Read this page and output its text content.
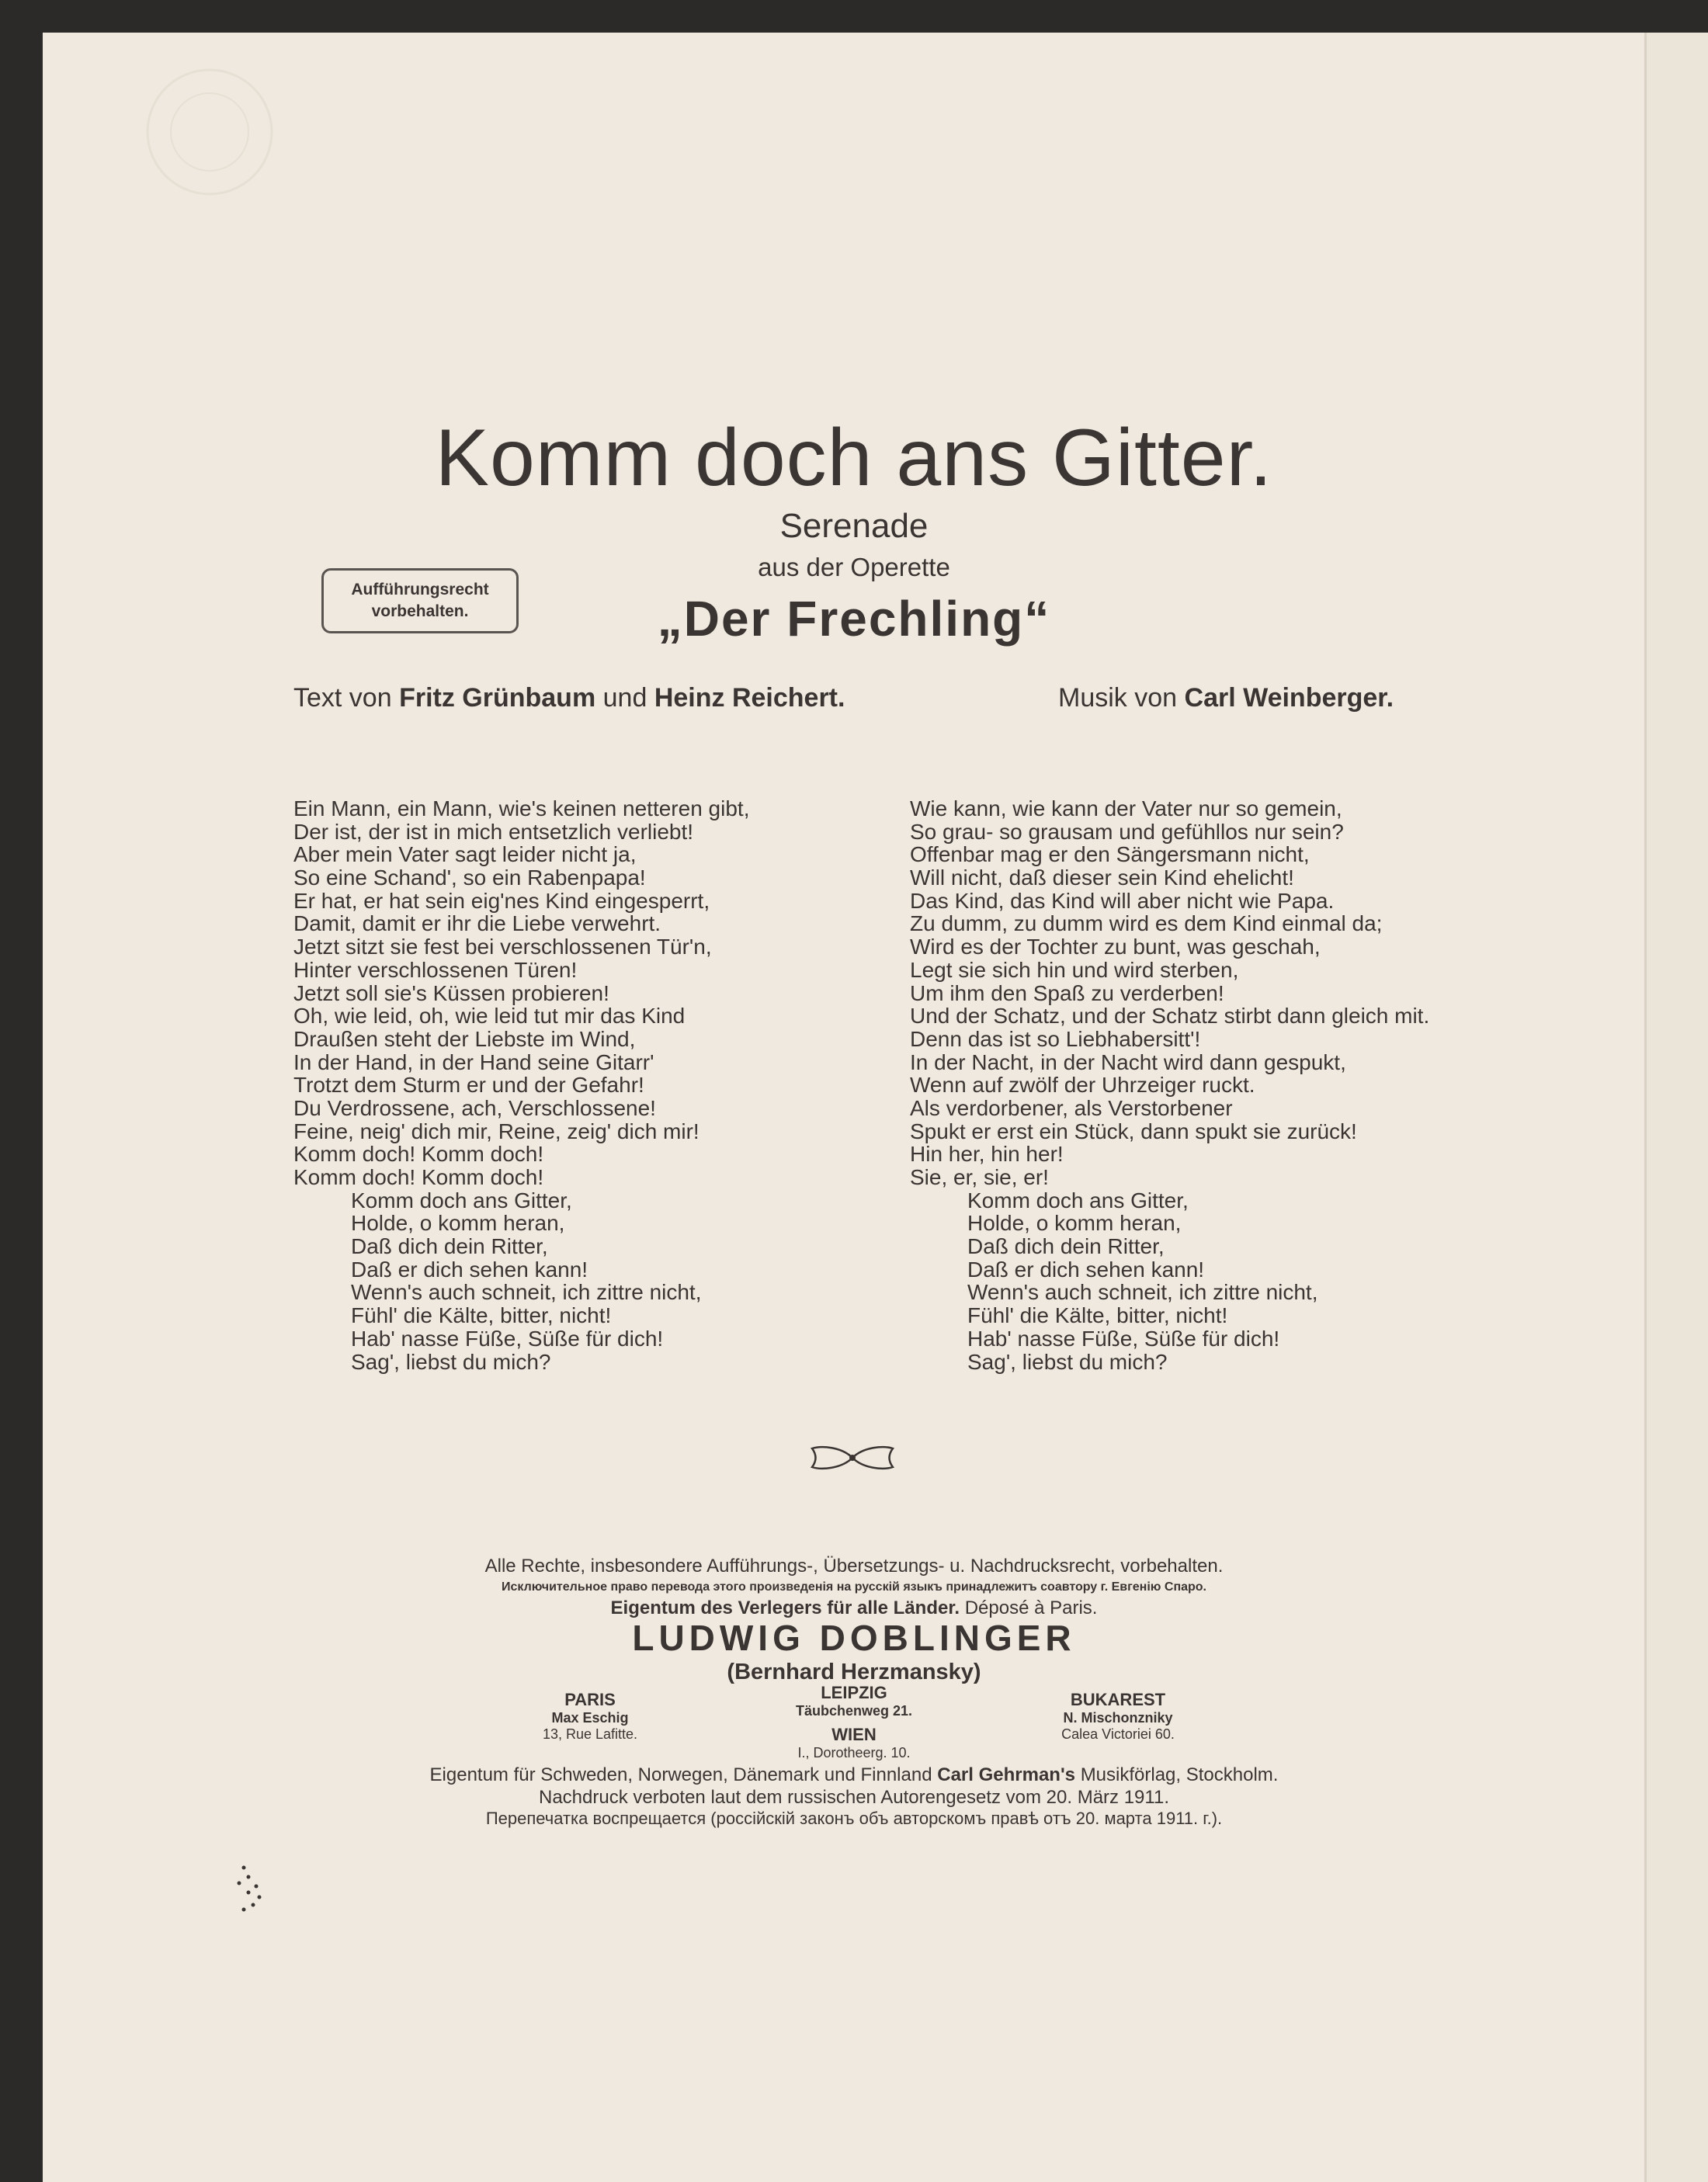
Komm doch ans Gitter.
Serenade
aus der Operette
„Der Frechling“
Aufführungsrecht
vorbehalten.
Text von Fritz Grünbaum und Heinz Reichert.	Musik von Carl Weinberger.
Ein Mann, ein Mann, wie's keinen netteren gibt,
Der ist, der ist in mich entsetzlich verliebt!
Aber mein Vater sagt leider nicht ja,
So eine Schand', so ein Rabenpapa!
Er hat, er hat sein eig'nes Kind eingesperrt,
Damit, damit er ihr die Liebe verwehrt.
Jetzt sitzt sie fest bei verschlossenen Tür'n,
Hinter verschlossenen Türen!
Jetzt soll sie's Küssen probieren!
Oh, wie leid, oh, wie leid tut mir das Kind
Draußen steht der Liebste im Wind,
In der Hand, in der Hand seine Gitarr'
Trotzt dem Sturm er und der Gefahr!
Du Verdrossene, ach, Verschlossene!
Feine, neig' dich mir, Reine, zeig' dich mir!
Komm doch! Komm doch!
Komm doch! Komm doch!
Komm doch ans Gitter,
Holde, o komm heran,
Daß dich dein Ritter,
Daß er dich sehen kann!
Wenn's auch schneit, ich zittre nicht,
Fühl' die Kälte, bitter, nicht!
Hab' nasse Füße, Süße für dich!
Sag', liebst du mich?
Wie kann, wie kann der Vater nur so gemein,
So grau- so grausam und gefühllos nur sein?
Offenbar mag er den Sängersmann nicht,
Will nicht, daß dieser sein Kind ehelicht!
Das Kind, das Kind will aber nicht wie Papa.
Zu dumm, zu dumm wird es dem Kind einmal da;
Wird es der Tochter zu bunt, was geschah,
Legt sie sich hin und wird sterben,
Um ihm den Spaß zu verderben!
Und der Schatz, und der Schatz stirbt dann gleich mit.
Denn das ist so Liebhabersitt'!
In der Nacht, in der Nacht wird dann gespukt,
Wenn auf zwölf der Uhrzeiger ruckt.
Als verdorbener, als Verstorbener
Spukt er erst ein Stück, dann spukt sie zurück!
Hin her, hin her!
Sie, er, sie, er!
Komm doch ans Gitter,
Holde, o komm heran,
Daß dich dein Ritter,
Daß er dich sehen kann!
Wenn's auch schneit, ich zittre nicht,
Fühl' die Kälte, bitter, nicht!
Hab' nasse Füße, Süße für dich!
Sag', liebst du mich?
Alle Rechte, insbesondere Aufführungs-, Übersetzungs- u. Nachdrucksrecht, vorbehalten.
Исключительное право перевода этого произведенія на русскій языкъ принадлежитъ соавтору г. Евгенію Спаро.
Eigentum des Verlegers für alle Länder. Déposé à Paris.
LUDWIG DOBLINGER
(Bernhard Herzmansky)
PARIS
Max Eschig
13, Rue Lafitte.
LEIPZIG
Täubchenweg 21.
WIEN
I., Dorotheerg. 10.
BUKAREST
N. Mischonzniky
Calea Victoriei 60.
Eigentum für Schweden, Norwegen, Dänemark und Finnland Carl Gehrman's Musikförlag, Stockholm.
Nachdruck verboten laut dem russischen Autorengesetz vom 20. März 1911.
Перепечатка воспрещается (россійскій законъ объ авторскомъ правѣ отъ 20. марта 1911. г.).
